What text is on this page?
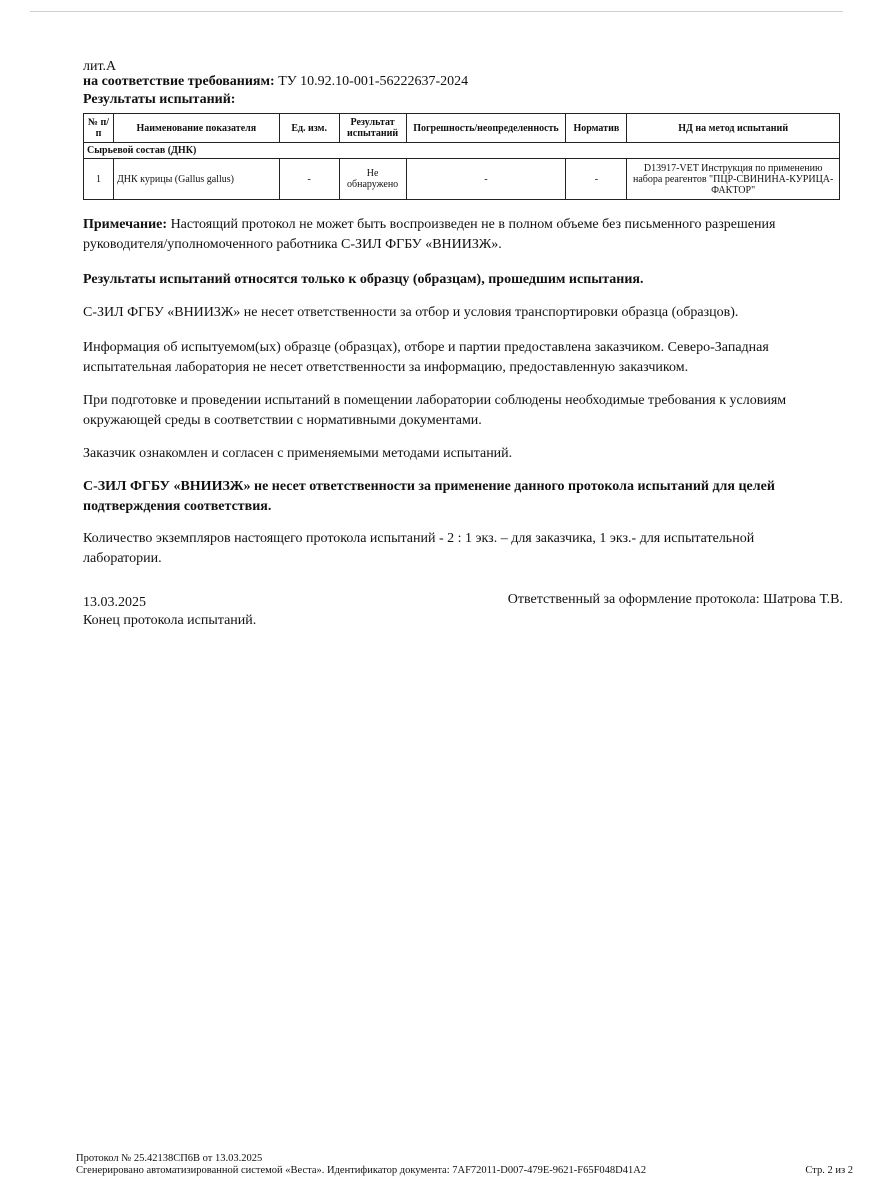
лит.А
на соответствие требованиям: ТУ 10.92.10-001-56222637-2024
Результаты испытаний:
№ п/п	Наименование показателя	Ед. изм.	Результат испытаний	Погрешность/неопределенность	Норматив	НД на метод испытаний
Сырьевой состав (ДНК)						
1	ДНК курицы (Gallus gallus)	-	Не обнаружено	-	-	D13917-VET Инструкция по применению набора реагентов "ПЦР-СВИНИНА-КУРИЦА-ФАКТОР"
Примечание: Настоящий протокол не может быть воспроизведен не в полном объеме без письменного разрешения руководителя/уполномоченного работника С-ЗИЛ ФГБУ «ВНИИЗЖ».
Результаты испытаний относятся только к образцу (образцам), прошедшим испытания.
С-ЗИЛ ФГБУ «ВНИИЗЖ» не несет ответственности за отбор и условия транспортировки образца (образцов).
Информация об испытуемом(ых) образце (образцах), отборе и партии предоставлена заказчиком. Северо-Западная испытательная лаборатория не несет ответственности за информацию, предоставленную заказчиком.
При подготовке и проведении испытаний в помещении лаборатории соблюдены необходимые требования к условиям окружающей среды в соответствии с нормативными документами.
Заказчик ознакомлен и согласен с применяемыми методами испытаний.
С-ЗИЛ ФГБУ «ВНИИЗЖ» не несет ответственности за применение данного протокола испытаний для целей подтверждения соответствия.
Количество экземпляров настоящего протокола испытаний - 2 : 1 экз. – для заказчика, 1 экз.- для испытательной лаборатории.
13.03.2025
Конец протокола испытаний.
Ответственный за оформление протокола: Шатрова Т.В.
Протокол № 25.42138СП6В от 13.03.2025
Сгенерировано автоматизированной системой «Веста». Идентификатор документа: 7AF72011-D007-479E-9621-F65F048D41A2	Стр. 2 из 2
